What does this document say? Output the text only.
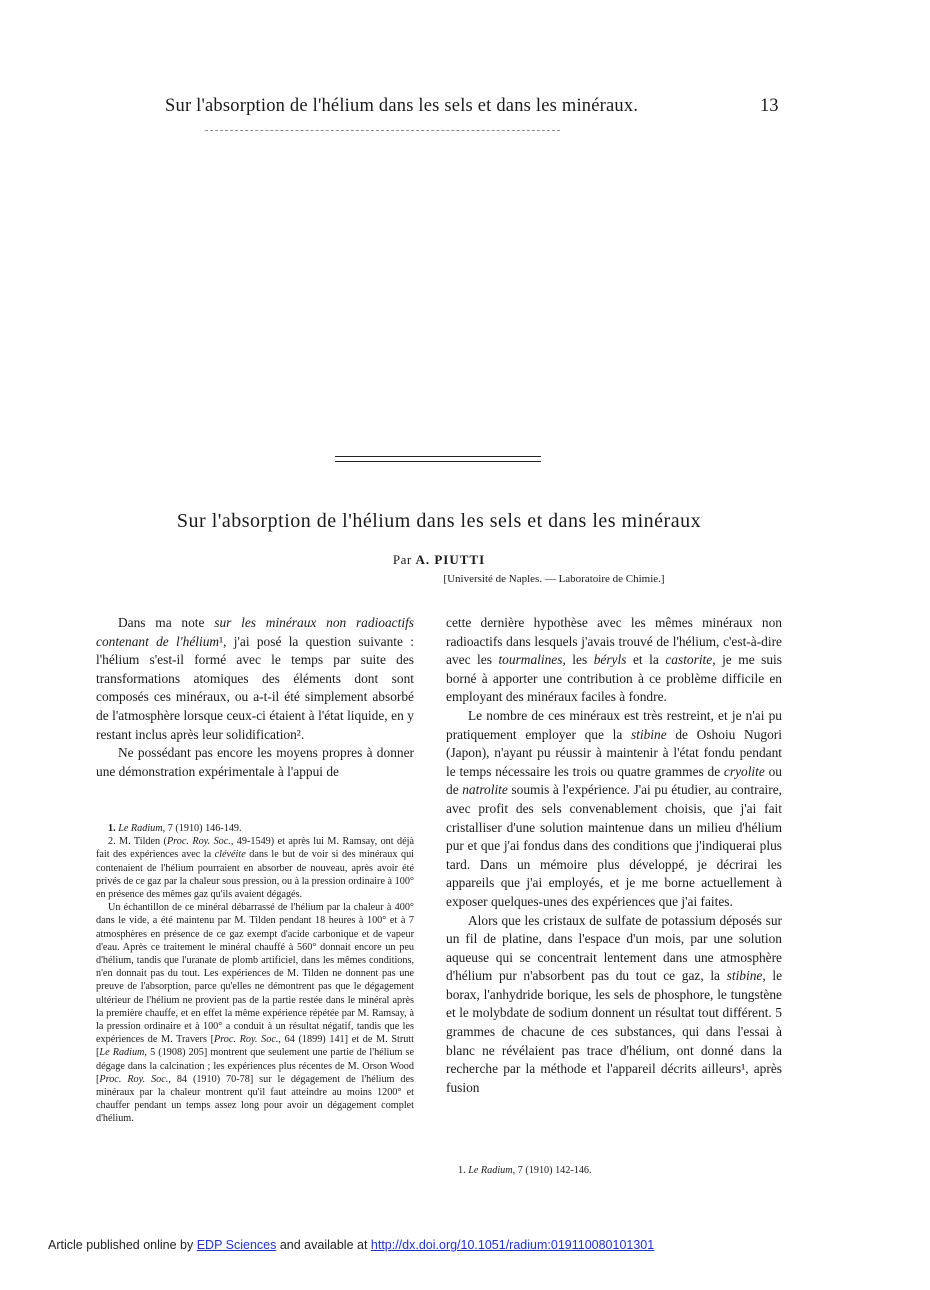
Sur l'absorption de l'hélium dans les sels et dans les minéraux.	13
Sur l'absorption de l'hélium dans les sels et dans les minéraux
Par A. PIUTTI
[Université de Naples. — Laboratoire de Chimie.]

Dans ma note sur les minéraux non radioactifs contenant de l'hélium¹, j'ai posé la question suivante : l'hélium s'est-il formé avec le temps par suite des transformations atomiques des éléments dont sont composés ces minéraux, ou a-t-il été simplement absorbé de l'atmosphère lorsque ceux-ci étaient à l'état liquide, en y restant inclus après leur solidification².

Ne possédant pas encore les moyens propres à donner une démonstration expérimentale à l'appui de

1. Le Radium, 7 (1910) 146-149.

2. M. Tilden (Proc. Roy. Soc., 49-1549) et après lui M. Ramsay, ont déjà fait des expériences avec la clévéite dans le but de voir si des minéraux qui contenaient de l'hélium pourraient en absorber de nouveau, après avoir été privés de ce gaz par la chaleur sous pression, ou à la pression ordinaire à 100° en présence des mêmes gaz qu'ils avaient dégagés.

Un échantillon de ce minéral débarrassé de l'hélium par la chaleur à 400° dans le vide, a été maintenu par M. Tilden pendant 18 heures à 100° et à 7 atmosphères en présence de ce gaz exempt d'acide carbonique et de vapeur d'eau. Après ce traitement le minéral chauffé à 560° donnait encore un peu d'hélium, tandis que l'uranate de plomb artificiel, dans les mêmes conditions, n'en donnait pas du tout. Les expériences de M. Tilden ne donnent pas une preuve de l'absorption, parce qu'elles ne démontrent pas que le dégagement ultérieur de l'hélium ne provient pas de la partie restée dans le minéral après la première chauffe, et en effet la même expérience répétée par M. Ramsay, à la pression ordinaire et à 100° a conduit à un résultat négatif, tandis que les expériences de M. Travers [Proc. Roy. Soc., 64 (1899) 141] et de M. Strutt [Le Radium, 5 (1908) 205] montrent que seulement une partie de l'hélium se dégage dans la calcination ; les expériences plus récentes de M. Orson Wood [Proc. Roy. Soc., 84 (1910) 70-78] sur le dégagement de l'hélium des minéraux par la chaleur montrent qu'il faut atteindre au moins 1200° et chauffer pendant un temps assez long pour avoir un dégagement complet d'hélium.

cette dernière hypothèse avec les mêmes minéraux non radioactifs dans lesquels j'avais trouvé de l'hélium, c'est-à-dire avec les tourmalines, les béryls et la castorite, je me suis borné à apporter une contribution à ce problème difficile en employant des minéraux faciles à fondre.

Le nombre de ces minéraux est très restreint, et je n'ai pu pratiquement employer que la stibine de Oshoiu Nugori (Japon), n'ayant pu réussir à maintenir à l'état fondu pendant le temps nécessaire les trois ou quatre grammes de cryolite ou de natrolite soumis à l'expérience. J'ai pu étudier, au contraire, avec profit des sels convenablement choisis, que j'ai fait cristalliser d'une solution maintenue dans un milieu d'hélium pur et que j'ai fondus dans des conditions que j'indiquerai plus tard. Dans un mémoire plus développé, je décrirai les appareils que j'ai employés, et je me borne actuellement à exposer quelques-unes des expériences que j'ai faites.

Alors que les cristaux de sulfate de potassium déposés sur un fil de platine, dans l'espace d'un mois, par une solution aqueuse qui se concentrait lentement dans une atmosphère d'hélium pur n'absorbent pas du tout ce gaz, la stibine, le borax, l'anhydride borique, les sels de phosphore, le tungstène et le molybdate de sodium donnent un résultat tout différent. 5 grammes de chacune de ces substances, qui dans l'essai à blanc ne révélaient pas trace d'hélium, ont donné dans la recherche par la méthode et l'appareil décrits ailleurs¹, après fusion

1. Le Radium, 7 (1910) 142-146.
Article published online by EDP Sciences and available at http://dx.doi.org/10.1051/radium:019110080101301
